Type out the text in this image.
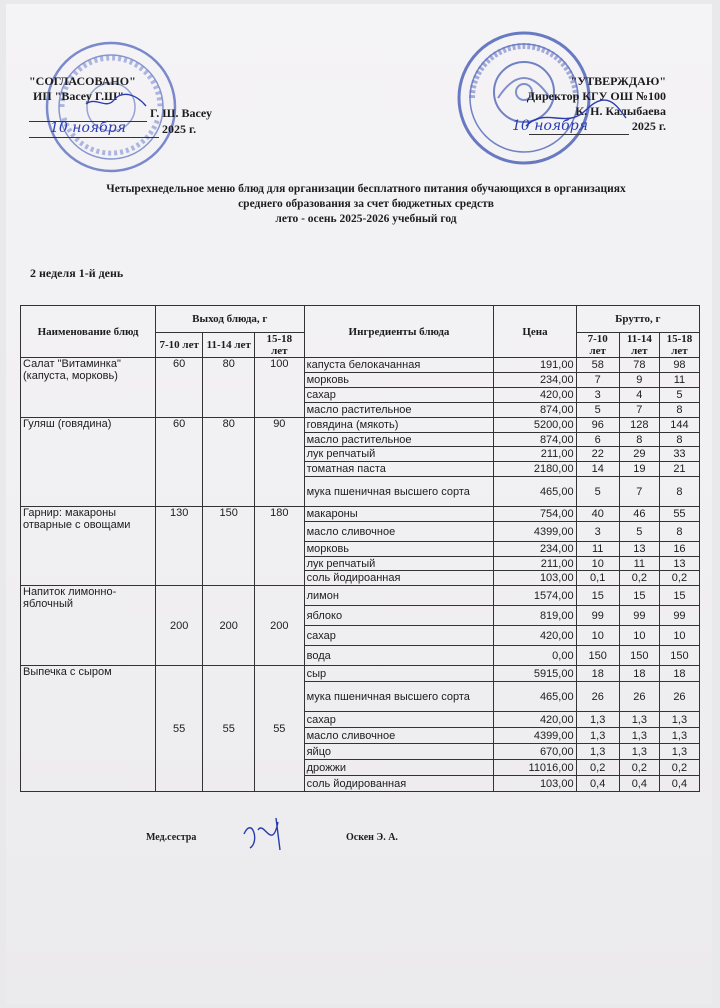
"СОГЛАСОВАНО"
ИП "Васеу Г.Ш"
Г. Ш. Васеу
2025 г.
"УТВЕРЖДАЮ"
Директор КГУ ОШ №100
К. Н. Калыбаева
2025 г.
10 ноября	10 ноября
Четырехнедельное меню блюд для организации бесплатного питания обучающихся в организациях
среднего образования за счет бюджетных средств
лето - осень 2025-2026 учебный год
2 неделя 1-й день
Наименование блюд	Выход блюда, г			Ингредиенты блюда	Цена	Брутто, г		
	7-10 лет	11-14 лет	15-18 лет			7-10 лет	11-14 лет	15-18 лет
Салат "Витаминка" (капуста, морковь)	60	80	100	капуста белокачанная	191,00	58	78	98
				морковь	234,00	7	9	11
				сахар	420,00	3	4	5
				масло растительное	874,00	5	7	8
Гуляш (говядина)	60	80	90	говядина (мякоть)	5200,00	96	128	144
				масло растительное	874,00	6	8	8
				лук репчатый	211,00	22	29	33
				томатная паста	2180,00	14	19	21
				мука пшеничная высшего сорта	465,00	5	7	8
Гарнир: макароны отварные с овощами	130	150	180	макароны	754,00	40	46	55
				масло сливочное	4399,00	3	5	8
				морковь	234,00	11	13	16
				лук репчатый	211,00	10	11	13
				соль йодироанная	103,00	0,1	0,2	0,2
Напиток лимонно-яблочный	200	200	200	лимон	1574,00	15	15	15
				яблоко	819,00	99	99	99
				сахар	420,00	10	10	10
				вода	0,00	150	150	150
Выпечка с сыром	55	55	55	сыр	5915,00	18	18	18
				мука пшеничная высшего сорта	465,00	26	26	26
				сахар	420,00	1,3	1,3	1,3
				масло сливочное	4399,00	1,3	1,3	1,3
				яйцо	670,00	1,3	1,3	1,3
				дрожжи	11016,00	0,2	0,2	0,2
				соль йодированная	103,00	0,4	0,4	0,4
Мед.сестра	Оскен Э. А.
